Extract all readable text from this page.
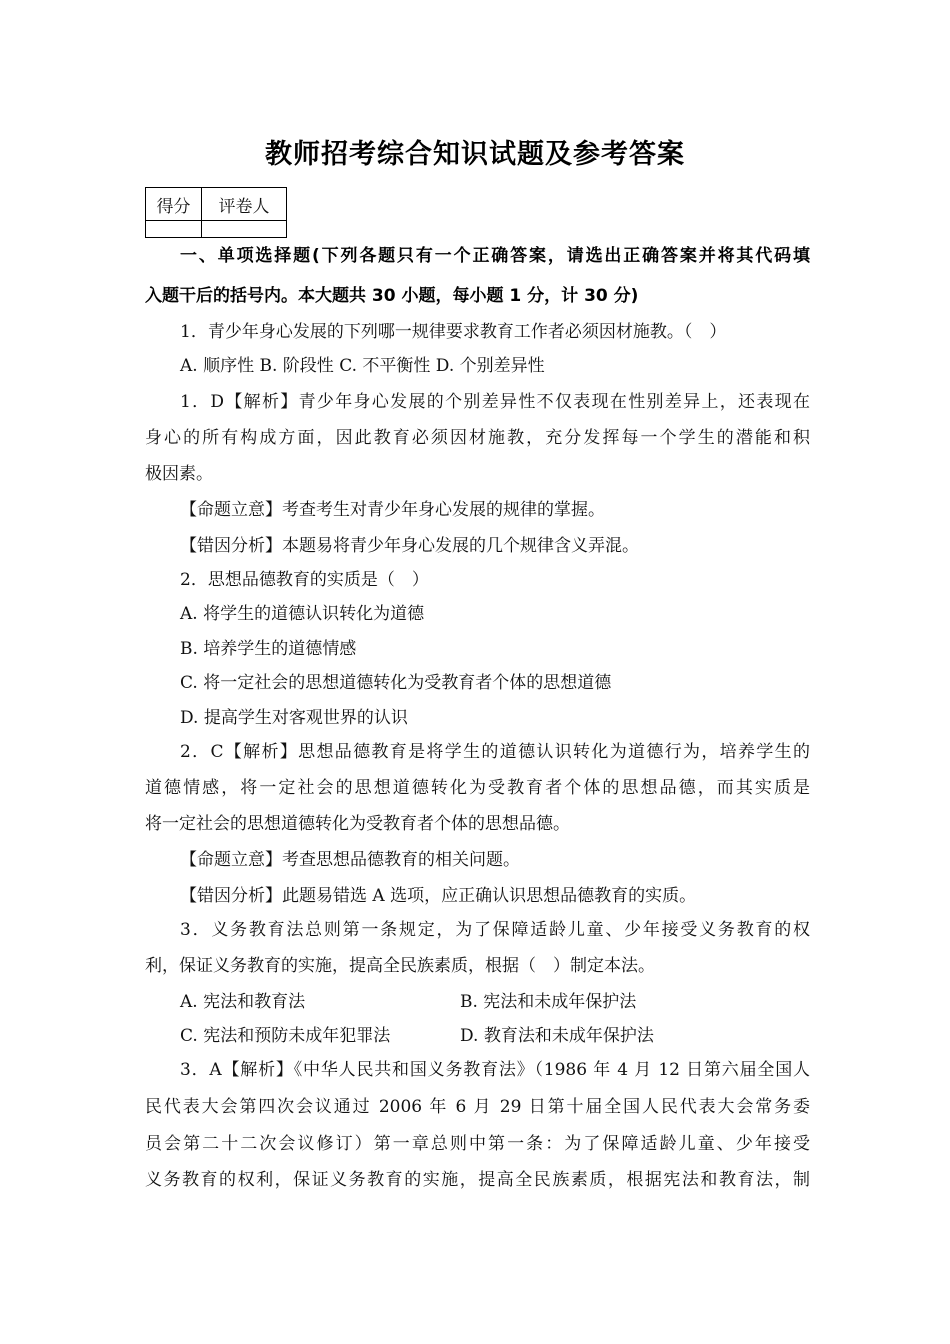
教师招考综合知识试题及参考答案
得分	评卷人

一、单项选择题(下列各题只有一个正确答案，请选出正确答案并将其代码填
入题干后的括号内。本大题共 30 小题，每小题 1 分，计 30 分)
1．青少年身心发展的下列哪一规律要求教育工作者必须因材施教。（　）
A. 顺序性 B. 阶段性 C. 不平衡性 D. 个别差异性
1．D【解析】青少年身心发展的个别差异性不仅表现在性别差异上，还表现在
身心的所有构成方面，因此教育必须因材施教，充分发挥每一个学生的潜能和积
极因素。
【命题立意】考查考生对青少年身心发展的规律的掌握。
【错因分析】本题易将青少年身心发展的几个规律含义弄混。
2．思想品德教育的实质是（　）
A. 将学生的道德认识转化为道德
B. 培养学生的道德情感
C. 将一定社会的思想道德转化为受教育者个体的思想道德
D. 提高学生对客观世界的认识
2．C【解析】思想品德教育是将学生的道德认识转化为道德行为，培养学生的
道德情感，将一定社会的思想道德转化为受教育者个体的思想品德，而其实质是
将一定社会的思想道德转化为受教育者个体的思想品德。
【命题立意】考查思想品德教育的相关问题。
【错因分析】此题易错选 A 选项，应正确认识思想品德教育的实质。
3．义务教育法总则第一条规定，为了保障适龄儿童、少年接受义务教育的权
利，保证义务教育的实施，提高全民族素质，根据（　）制定本法。
A. 宪法和教育法	B. 宪法和未成年保护法
C. 宪法和预防未成年犯罪法	D. 教育法和未成年保护法
3．A【解析】《中华人民共和国义务教育法》（1986 年 4 月 12 日第六届全国人
民代表大会第四次会议通过 2006 年 6 月 29 日第十届全国人民代表大会常务委
员会第二十二次会议修订）第一章总则中第一条：为了保障适龄儿童、少年接受
义务教育的权利，保证义务教育的实施，提高全民族素质，根据宪法和教育法，制
